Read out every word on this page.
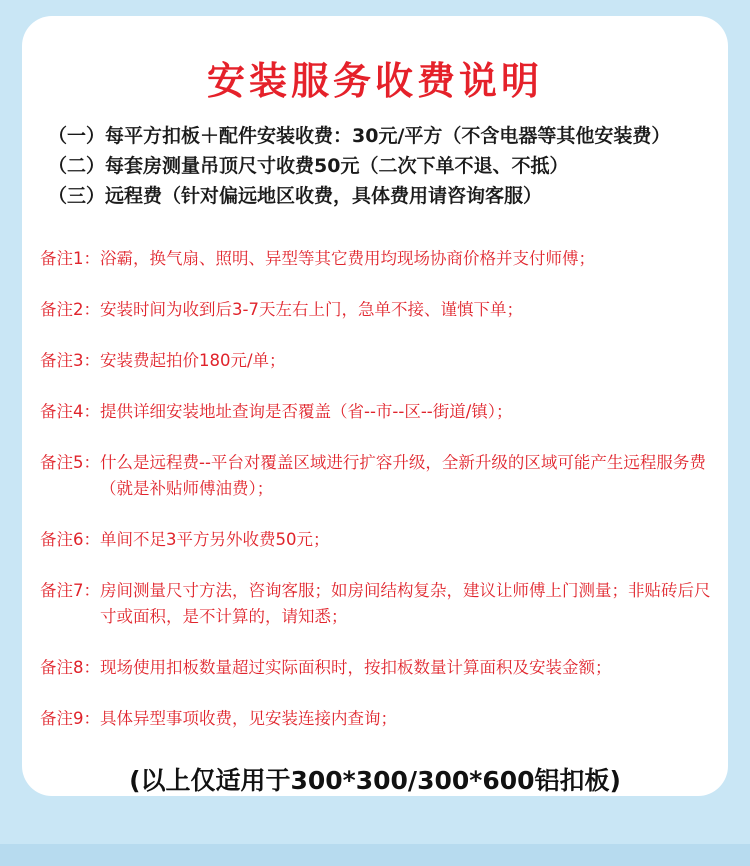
安装服务收费说明
（一）每平方扣板＋配件安装收费：30元/平方（不含电器等其他安装费）
（二）每套房测量吊顶尺寸收费50元（二次下单不退、不抵）
（三）远程费（针对偏远地区收费，具体费用请咨询客服）
备注1： 浴霸，换气扇、照明、异型等其它费用均现场协商价格并支付师傅；
备注2： 安装时间为收到后3-7天左右上门，急单不接、谨慎下单；
备注3： 安装费起拍价180元/单；
备注4： 提供详细安装地址查询是否覆盖（省--市--区--街道/镇）；
备注5： 什么是远程费--平台对覆盖区域进行扩容升级，全新升级的区域可能产生远程服务费（就是补贴师傅油费）；
备注6： 单间不足3平方另外收费50元；
备注7： 房间测量尺寸方法，咨询客服；如房间结构复杂，建议让师傅上门测量；非贴砖后尺寸或面积，是不计算的，请知悉；
备注8： 现场使用扣板数量超过实际面积时，按扣板数量计算面积及安装金额；
备注9： 具体异型事项收费，见安装连接内查询；
(以上仅适用于300*300/300*600铝扣板)
